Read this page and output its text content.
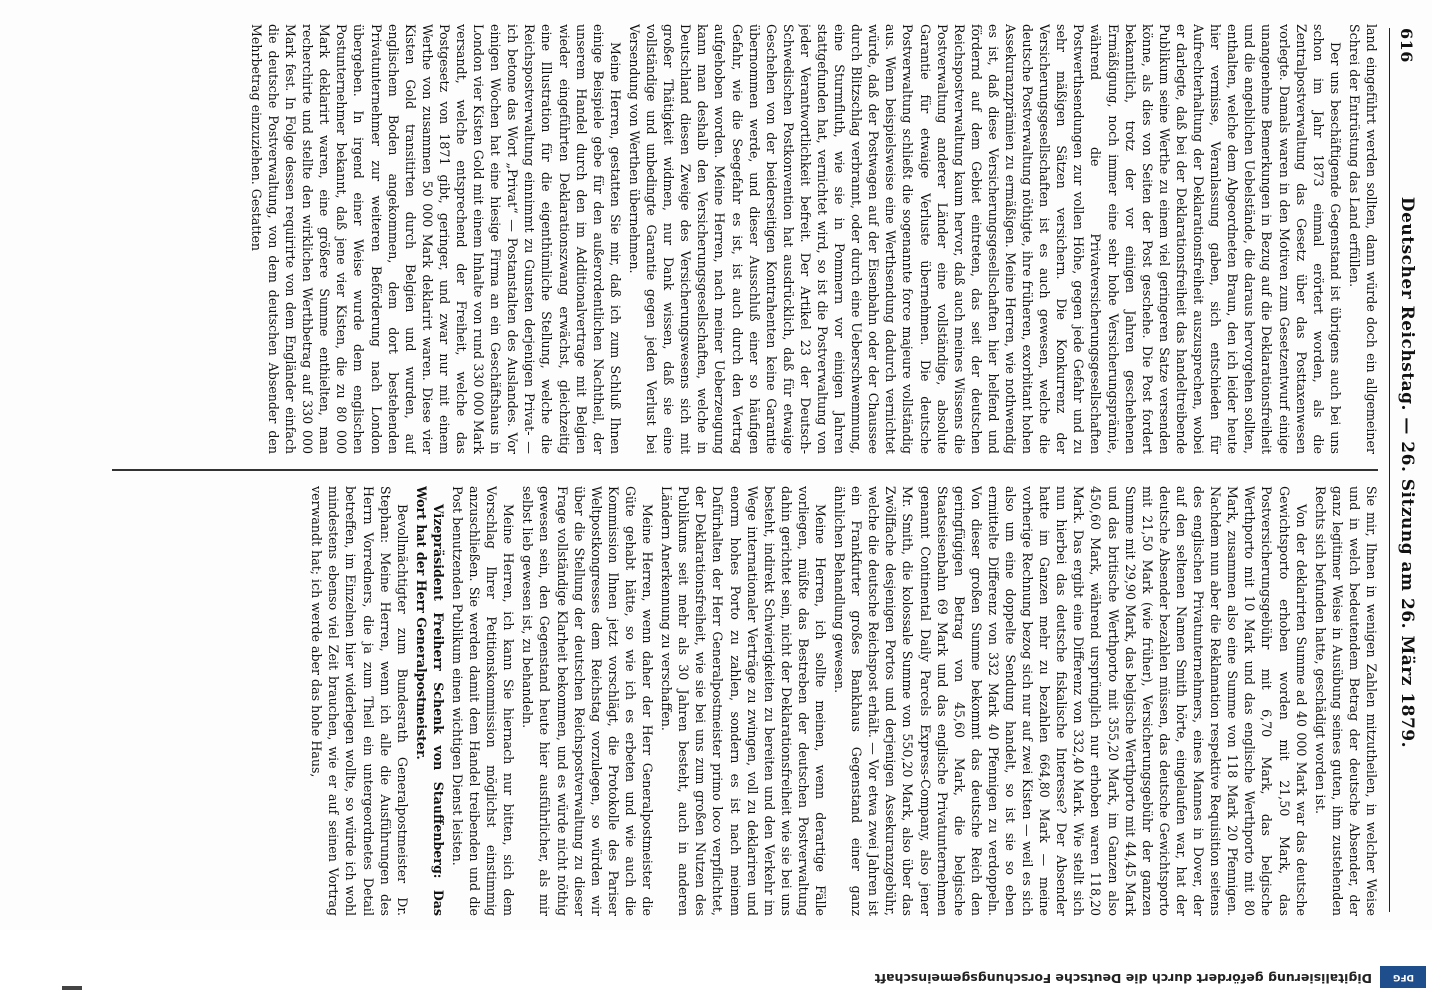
616
Deutscher Reichstag. — 26. Sitzung am 26. März 1879.

land eingeführt werden sollten, dann würde doch ein allgemeiner Schrei der Entrüstung das Land erfüllen.

Der uns beschäftigende Gegenstand ist übrigens auch bei uns schon im Jahr 1873 einmal erörtert worden, als die Zentralpostverwaltung das Gesetz über das Posttaxenwesen vorlegte. Damals waren in den Motiven zum Gesetzentwurf einige unangenehme Bemerkungen in Bezug auf die Deklarationsfreiheit und die angeblichen Uebelstände, die daraus hervorgehen sollten, enthalten, welche dem Abgeordneten Braun, den ich leider heute hier vermisse, Veranlassung gaben, sich entschieden für Aufrechterhaltung der Deklarationsfreiheit auszusprechen, wobei er darlegte, daß bei der Deklarationsfreiheit das handeltreibende Publikum seine Werthe zu einem viel geringeren Satze versenden könne, als dies von Seiten der Post geschehe. Die Post fordert bekanntlich, trotz der vor einigen Jahren geschehenen Ermäßigung, noch immer eine sehr hohe Versicherungsprämie, während die Privatversicherungsgesellschaften Postwerthsendungen zur vollen Höhe, gegen jede Gefahr und zu sehr mäßigen Sätzen versichern. Die Konkurrenz der Versicherungsgesellschaften ist es auch gewesen, welche die deutsche Postverwaltung nöthigte, ihre früheren, exorbitant hohen Assekuranzprämien zu ermäßigen. Meine Herren, wie nothwendig es ist, daß diese Versicherungsgesellschaften hier helfend und fördernd auf dem Gebiet eintreten, das seit der deutschen Reichspostverwaltung kaum hervor, daß auch meines Wissens die Postverwaltung anderer Länder eine vollständige, absolute Garantie für etwaige Verluste übernehmen. Die deutsche Postverwaltung schließt die sogenannte force majeure vollständig aus. Wenn beispielsweise eine Werthsendung dadurch vernichtet würde, daß der Postwagen auf der Eisenbahn oder der Chaussee durch Blitzschlag verbrannt, oder durch eine Ueberschwemmung, eine Sturmfluth, wie sie in Pommern vor einigen Jahren stattgefunden hat, vernichtet wird, so ist die Postverwaltung von jeder Verantwortlichkeit befreit. Der Artikel 23 der Deutsch-Schwedischen Postkonvention hat ausdrücklich, daß für etwaige Geschehen von der beiderseitigen Kontrahenten keine Garantie übernommen werde, und dieser Ausschluß einer so häufigen Gefahr, wie die Seegefahr es ist, ist auch durch den Vertrag aufgehoben worden. Meine Herren, nach meiner Ueberzeugung kann man deshalb den Versicherungsgesellschaften, welche in Deutschland diesen Zweige des Versicherungswesens sich mit großer Thätigkeit widmen, nur Dank wissen, daß sie eine vollständige und unbedingte Garantie gegen jeden Verlust bei Versendung von Werthen übernehmen.

Meine Herren, gestatten Sie mir, daß ich zum Schluß Ihnen einige Beispiele gebe für den außerordentlichen Nachtheil, der unserem Handel durch den im Additionalvertrage mit Belgien wieder eingeführten Deklarationszwang erwächst, gleichzeitig eine Illustration für die eigenthümliche Stellung, welche die Reichspostverwaltung einnimmt zu Gunsten derjenigen Privat- — ich betone das Wort „Privat“ — Postanstalten des Auslandes. Vor einigen Wochen hat eine hiesige Firma an ein Geschäftshaus in London vier Kisten Gold mit einem Inhalte von rund 330 000 Mark versandt, welche entsprechend der Freiheit, welche das Postgesetz von 1871 gibt, geringer, und zwar nur mit einem Werthe von zusammen 50 000 Mark deklarirt waren. Diese vier Kisten Gold transitirten durch Belgien und wurden, auf englischem Boden angekommen, dem dort bestehenden Privatunternehmer zur weiteren Beförderung nach London übergeben. In irgend einer Weise wurde dem englischen Postunternehmer bekannt, daß jene vier Kisten, die zu 80 000 Mark deklarirt waren, eine größere Summe enthielten, man recherchirte und stellte den wirklichen Werthbetrag auf 330 000 Mark fest. In Folge dessen requirirte von dem Engländer einfach die deutsche Postverwaltung, von dem deutschen Absender den Mehrbetrag einzuziehen. Gestatten

Sie mir, Ihnen in wenigen Zahlen mitzutheilen, in welcher Weise und in welch bedeutendem Betrag der deutsche Absender, der ganz legitimer Weise in Ausübung seines guten, ihm zustehenden Rechts sich befunden hatte, geschädigt worden ist.

Von der deklarirten Summe ad 40 000 Mark war das deutsche Gewichtsporto erhoben worden mit 21,50 Mark, das Postversicherungsgebühr mit 6,70 Mark, das belgische Werthporto mit 10 Mark und das englische Werthporto mit 80 Mark, zusammen also eine Summe von 118 Mark 20 Pfennigen. Nachdem nun aber die Reklamation respektive Requisition seitens des englischen Privatunternehmers, eines Mannes in Dover, der auf den seltenen Namen Smith hörte, eingelaufen war, hat der deutsche Absender bezahlen müssen, das deutsche Gewichtsporto mit 21,50 Mark (wie früher), Versicherungsgebühr der ganzen Summe mit 29,90 Mark, das belgische Werthporto mit 44,45 Mark und das britische Werthporto mit 355,20 Mark, im Ganzen also 450,60 Mark, während ursprünglich nur erhoben waren 118,20 Mark. Das ergibt eine Differenz von 332,40 Mark. Wie stellt sich nun hierbei das deutsche fiskalische Interesse? Der Absender hatte im Ganzen mehr zu bezahlen 664,80 Mark — meine vorherige Rechnung bezog sich nur auf zwei Kisten — weil es sich also um eine doppelte Sendung handelt, so ist sie so eben ermittelte Differenz von 332 Mark 40 Pfennigen zu verdoppeln. Von dieser großen Summe bekommt das deutsche Reich den geringfügigen Betrag von 45,60 Mark, die belgische Staatseisenbahn 69 Mark und das englische Privatunternehmen genannt Continental Daily Parcels Express-Company, also jener Mr. Smith, die kolossale Summe von 550,20 Mark, also über das Zwölffache desjenigen Portos und derjenigen Assekuranzgebühr, welche die deutsche Reichspost erhält. — Vor etwa zwei Jahren ist ein Frankfurter großes Bankhaus Gegenstand einer ganz ähnlichen Behandlung gewesen.

Meine Herren, ich sollte meinen, wenn derartige Fälle vorliegen, müßte das Bestreben der deutschen Postverwaltung dahin gerichtet sein, nicht der Deklarationsfreiheit wie sie bei uns besteht, indirekt Schwierigkeiten zu bereiten und den Verkehr im Wege internationaler Verträge zu zwingen, voll zu deklariren und enorm hohes Porto zu zahlen, sondern es ist nach meinem Dafürhalten der Herr Generalpostmeister primo loco verpflichtet, der Deklarationsfreiheit, wie sie bei uns zum großen Nutzen des Publikums seit mehr als 30 Jahren besteht, auch in anderen Ländern Anerkennung zu verschaffen.

Meine Herren, wenn daher der Herr Generalpostmeister die Güte gehabt hätte, so wie ich es erbeten und wie auch die Kommission Ihnen jetzt vorschlägt, die Protokolle des Pariser Weltpostkongresses dem Reichstag vorzulegen, so würden wir über die Stellung der deutschen Reichspostverwaltung zu dieser Frage vollständige Klarheit bekommen, und es würde nicht nöthig gewesen sein, den Gegenstand heute hier ausführlicher, als mir selbst lieb gewesen ist, zu behandeln.

Meine Herren, ich kann Sie hiernach nur bitten, sich dem Vorschlag Ihrer Petitionskommission möglichst einstimmig anzuschließen. Sie werden damit dem Handel treibenden und die Post benutzenden Publikum einen wichtigen Dienst leisten.

Vizepräsident Freiherr Schenk von Stauffenberg: Das Wort hat der Herr Generalpostmeister.

Bevollmächtigter zum Bundesrath Generalpostmeister Dr. Stephan: Meine Herren, wenn ich alle die Ausführungen des Herrn Vorredners, die ja zum Theil ein untergeordnetes Detail betreffen, im Einzelnen hier widerlegen wollte, so würde ich wohl mindestens ebenso viel Zeit brauchen, wie er auf seinen Vortrag verwandt hat; ich werde aber das hohe Haus,

DFG
Digitalisierung gefördert durch die Deutsche Forschungsgemeinschaft
